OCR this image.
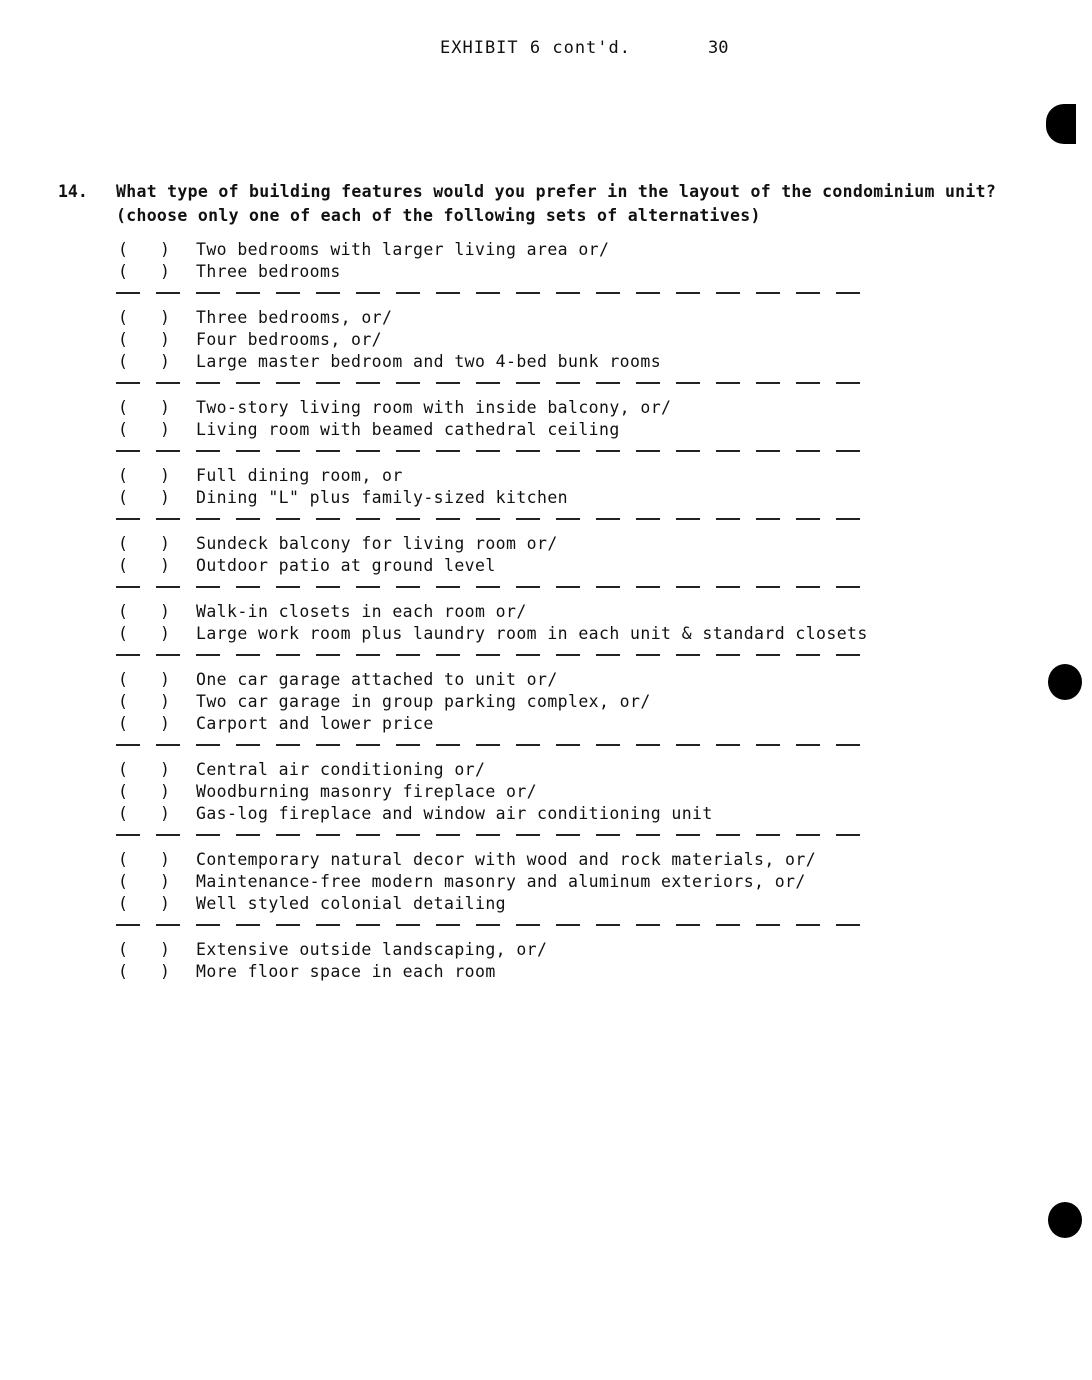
EXHIBIT 6 cont'd.	30
14. What type of building features would you prefer in the layout of the condominium unit? (choose only one of each of the following sets of alternatives)
( ) Two bedrooms with larger living area or/
( ) Three bedrooms
( ) Three bedrooms, or/
( ) Four bedrooms, or/
( ) Large master bedroom and two 4-bed bunk rooms
( ) Two-story living room with inside balcony, or/
( ) Living room with beamed cathedral ceiling
( ) Full dining room, or
( ) Dining "L" plus family-sized kitchen
( ) Sundeck balcony for living room or/
( ) Outdoor patio at ground level
( ) Walk-in closets in each room or/
( ) Large work room plus laundry room in each unit & standard closets
( ) One car garage attached to unit or/
( ) Two car garage in group parking complex, or/
( ) Carport and lower price
( ) Central air conditioning or/
( ) Woodburning masonry fireplace or/
( ) Gas-log fireplace and window air conditioning unit
( ) Contemporary natural decor with wood and rock materials, or/
( ) Maintenance-free modern masonry and aluminum exteriors, or/
( ) Well styled colonial detailing
( ) Extensive outside landscaping, or/
( ) More floor space in each room
